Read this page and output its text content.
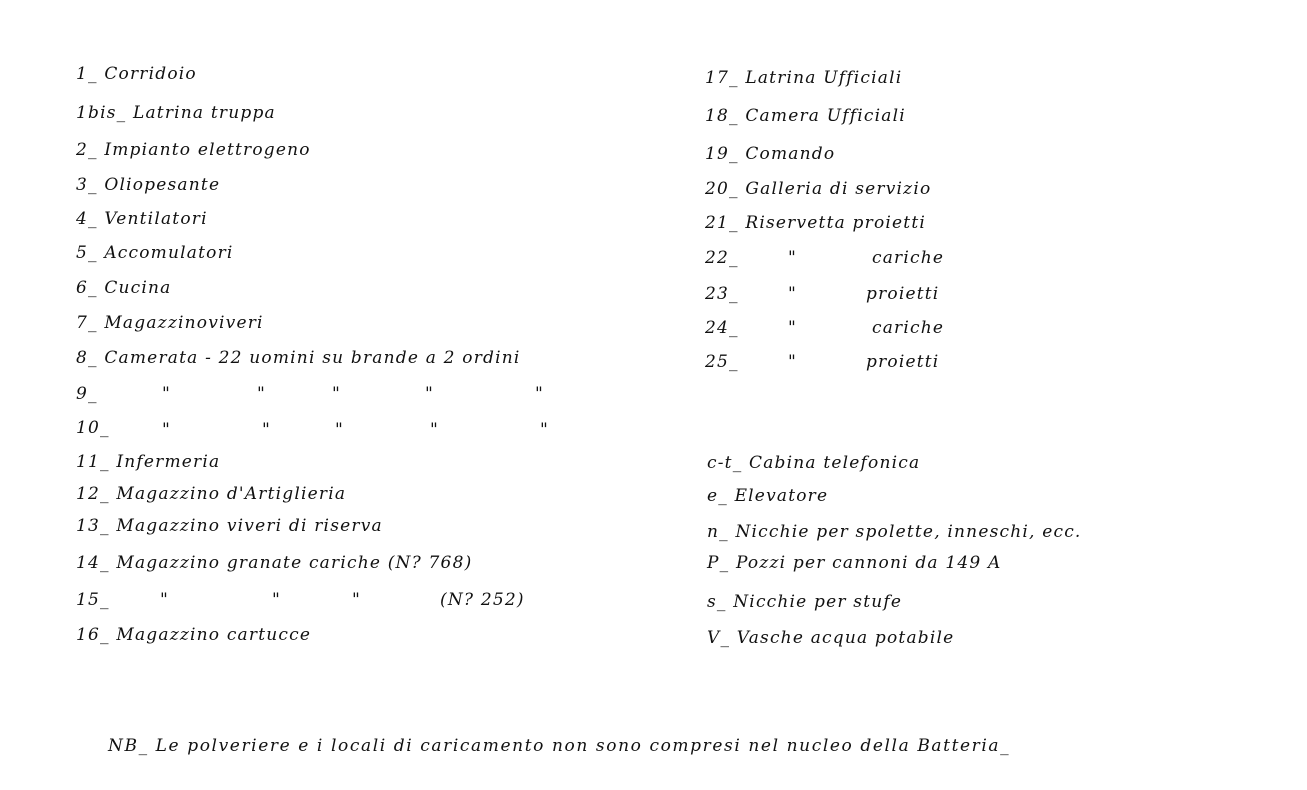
1_ Corridoio
1bis_ Latrina truppa
2_ Impianto elettrogeno
3_ Oliopesante
4_ Ventilatori
5_ Accomulatori
6_ Cucina
7_ Magazzinoviveri
8_ Camerata - 22 uomini su brande a 2 ordini
9_	"	"	"	"	"
10_	"	"	"	"	"
11_ Infermeria
12_ Magazzino d'Artiglieria
13_ Magazzino viveri di riserva
14_ Magazzino granate cariche (N? 768)
15_	"	"	"	(N? 252)
16_ Magazzino cartucce
17_ Latrina Ufficiali
18_ Camera Ufficiali
19_ Comando
20_ Galleria di servizio
21_ Riservetta proietti
22_	"	cariche
23_	"	proietti
24_	"	cariche
25_	"	proietti
c-t_ Cabina telefonica
e_ Elevatore
n_ Nicchie per spolette, inneschi, ecc.
P_ Pozzi per cannoni da 149 A
s_ Nicchie per stufe
V_ Vasche acqua potabile
NB_ Le polveriere e i locali di caricamento non sono compresi nel nucleo della Batteria_
